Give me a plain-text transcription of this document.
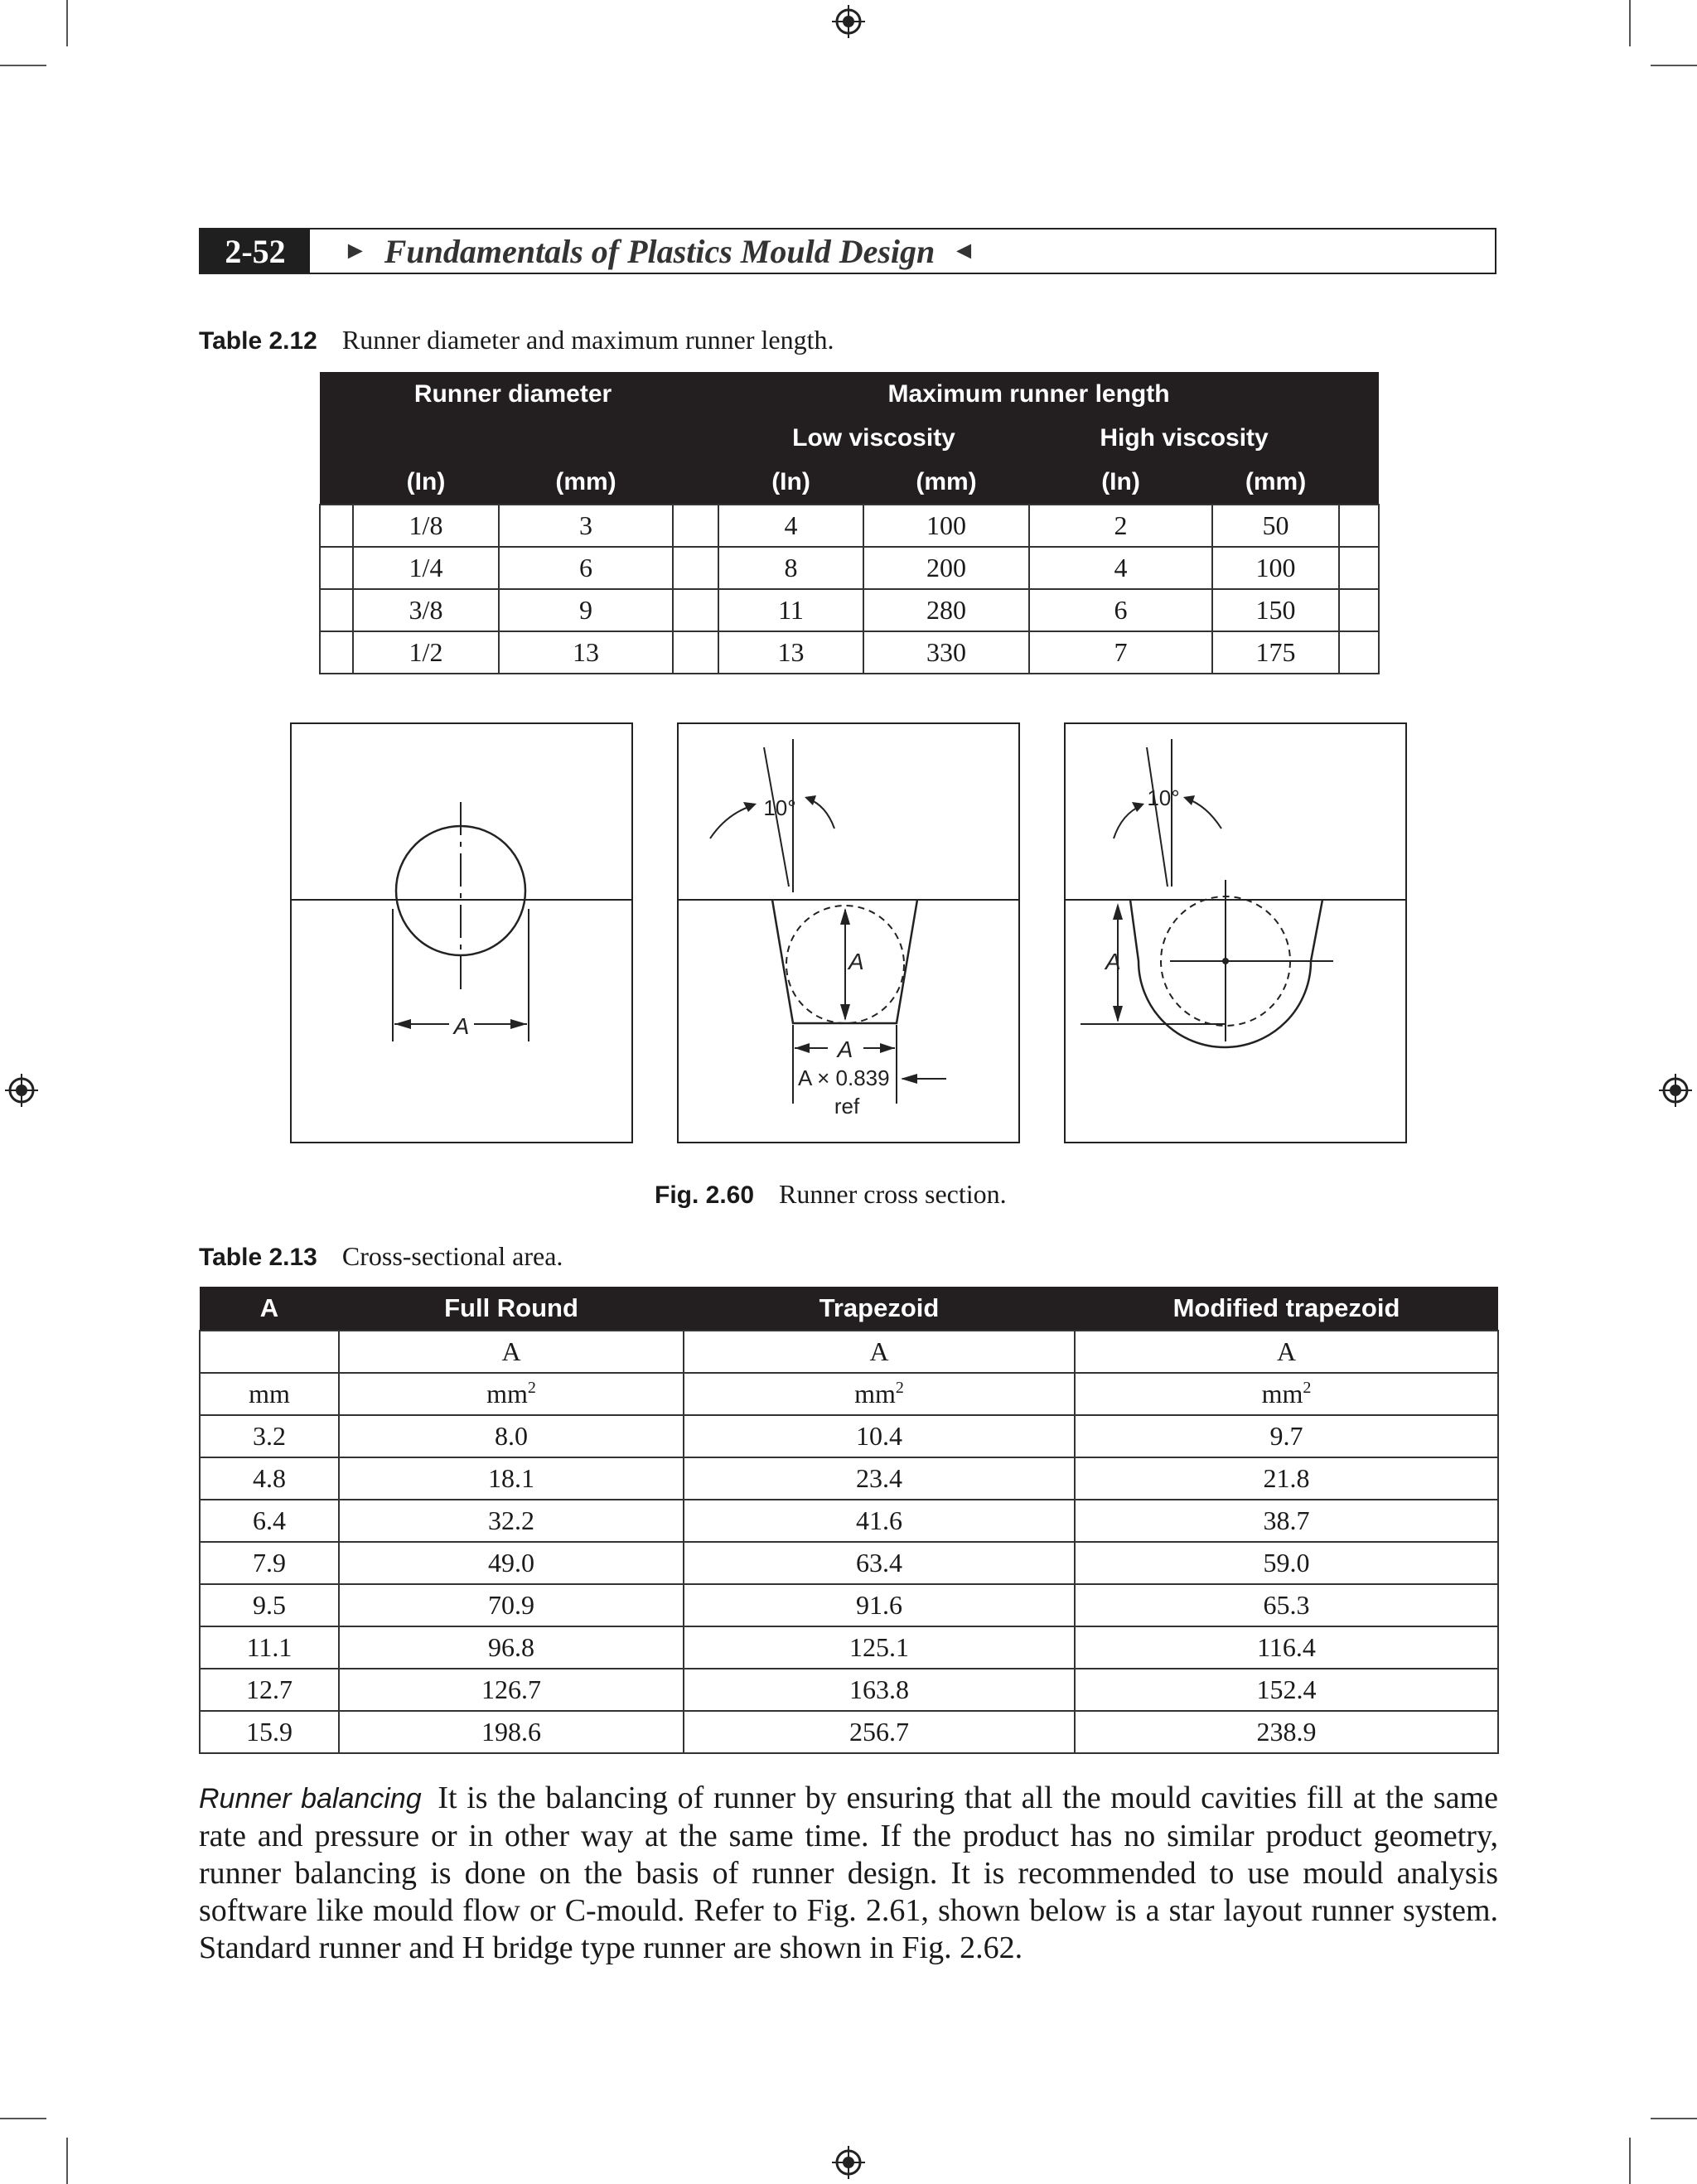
2-52	► Fundamentals of Plastics Mould Design ◄
Table 2.12 Runner diameter and maximum runner length.
	Runner diameter			Maximum runner length				
				Low viscosity		High viscosity		
	(In)	(mm)		(In)	(mm)	(In)	(mm)	
	1/8	3		4	100	2	50	
	1/4	6		8	200	4	100	
	3/8	9		11	280	6	150	
	1/2	13		13	330	7	175	
A
10°
A
A
A × 0.839
ref
A
10°
Fig. 2.60 Runner cross section.
Table 2.13 Cross-sectional area.
A	Full Round	Trapezoid	Modified trapezoid
	A	A	A
mm	$mm^2$	$mm^2$	$mm^2$
3.2	8.0	10.4	9.7
4.8	18.1	23.4	21.8
6.4	32.2	41.6	38.7
7.9	49.0	63.4	59.0
9.5	70.9	91.6	65.3
11.1	96.8	125.1	116.4
12.7	126.7	163.8	152.4
15.9	198.6	256.7	238.9
Runner balancing It is the balancing of runner by ensuring that all the mould cavities fill at the same rate and pressure or in other way at the same time. If the product has no similar product geometry, runner balancing is done on the basis of runner design. It is recommended to use mould analysis software like mould flow or C-mould. Refer to Fig. 2.61, shown below is a star layout runner system. Standard runner and H bridge type runner are shown in Fig. 2.62.
